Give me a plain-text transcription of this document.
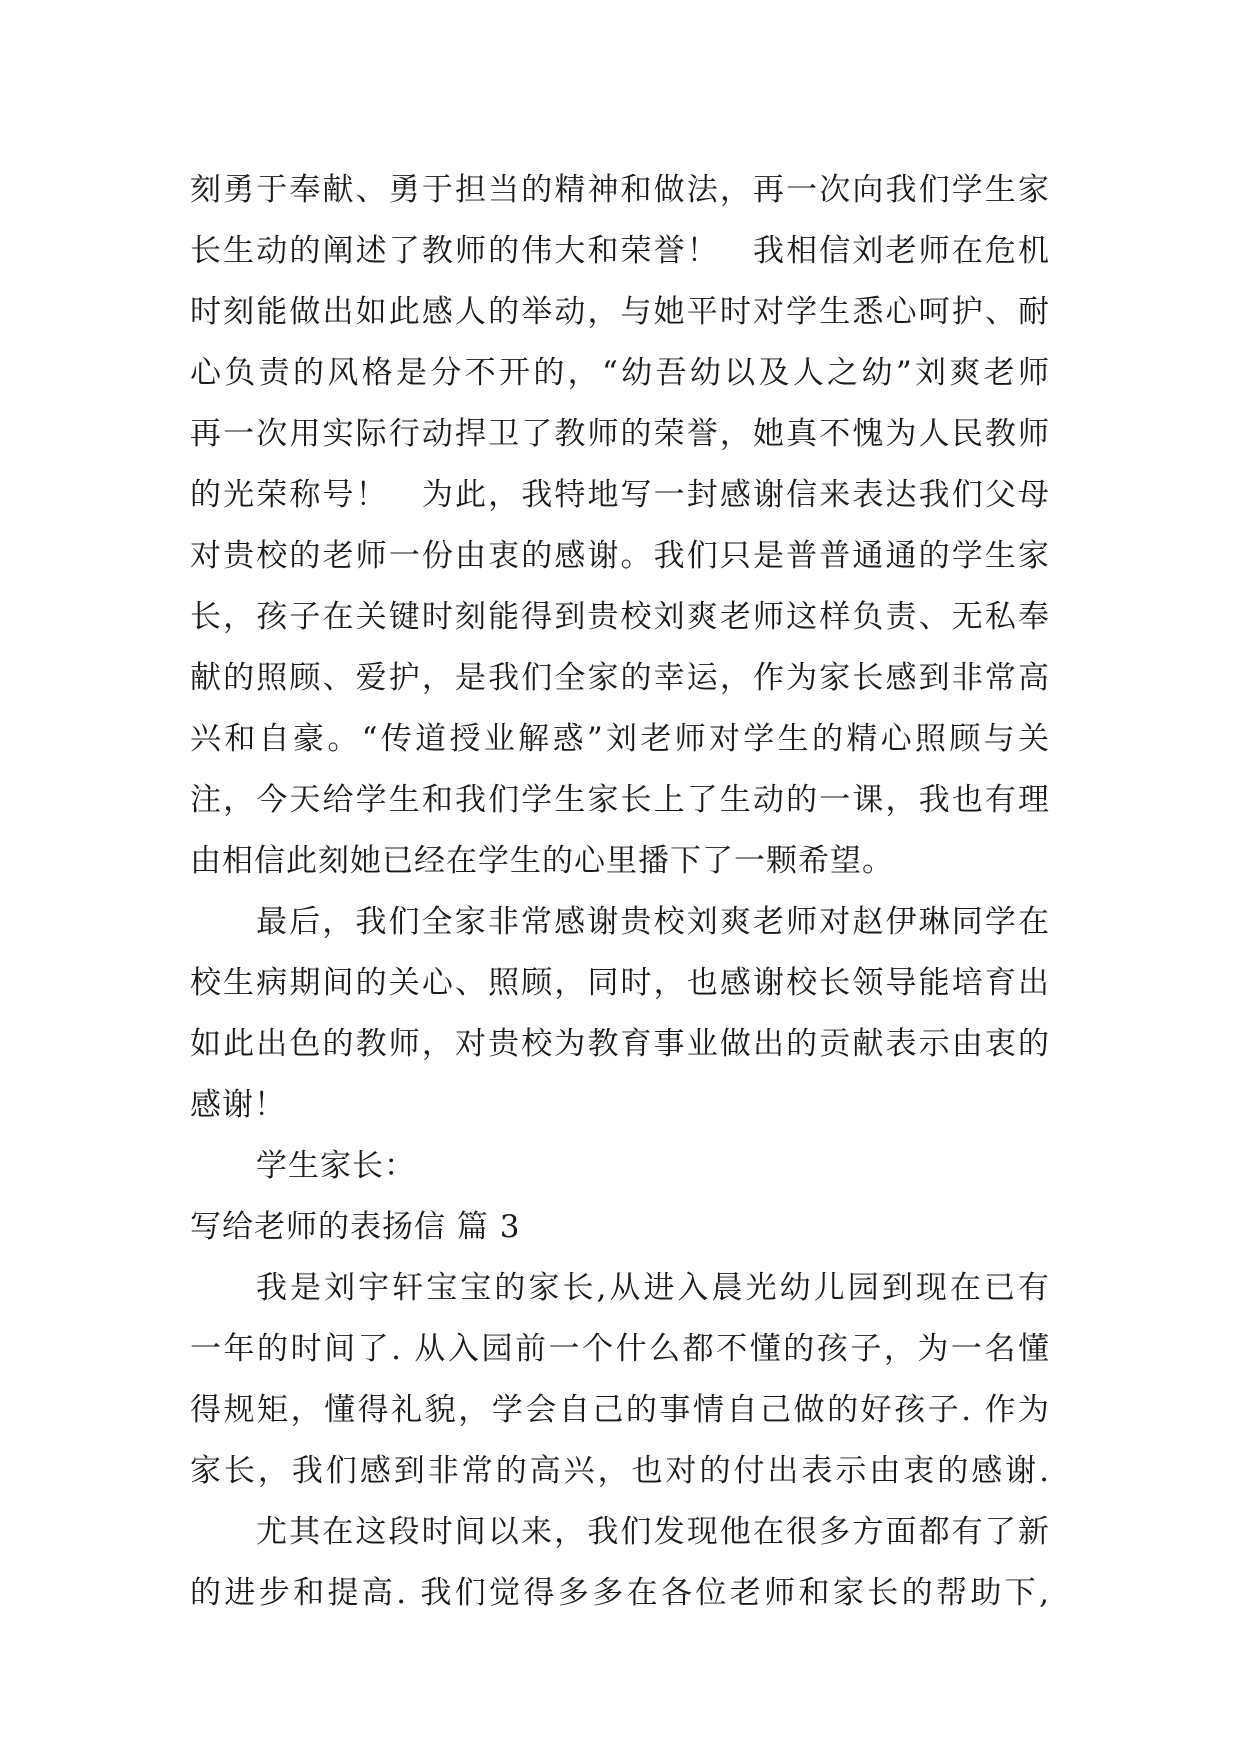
刻勇于奉献、勇于担当的精神和做法，再一次向我们学生家
长生动的阐述了教师的伟大和荣誉！　我相信刘老师在危机
时刻能做出如此感人的举动，与她平时对学生悉心呵护、耐
心负责的风格是分不开的，“幼吾幼以及人之幼”刘爽老师
再一次用实际行动捍卫了教师的荣誉，她真不愧为人民教师
的光荣称号！　为此，我特地写一封感谢信来表达我们父母
对贵校的老师一份由衷的感谢。我们只是普普通通的学生家
长，孩子在关键时刻能得到贵校刘爽老师这样负责、无私奉
献的照顾、爱护，是我们全家的幸运，作为家长感到非常高
兴和自豪。“传道授业解惑”刘老师对学生的精心照顾与关
注，今天给学生和我们学生家长上了生动的一课，我也有理
由相信此刻她已经在学生的心里播下了一颗希望。
最后，我们全家非常感谢贵校刘爽老师对赵伊琳同学在
校生病期间的关心、照顾，同时，也感谢校长领导能培育出
如此出色的教师，对贵校为教育事业做出的贡献表示由衷的
感谢！
学生家长：
写给老师的表扬信 篇 3
我是刘宇轩宝宝的家长,从进入晨光幼儿园到现在已有
一年的时间了. 从入园前一个什么都不懂的孩子，为一名懂
得规矩，懂得礼貌，学会自己的事情自己做的好孩子. 作为
家长，我们感到非常的高兴，也对的付出表示由衷的感谢.
尤其在这段时间以来，我们发现他在很多方面都有了新
的进步和提高. 我们觉得多多在各位老师和家长的帮助下,
